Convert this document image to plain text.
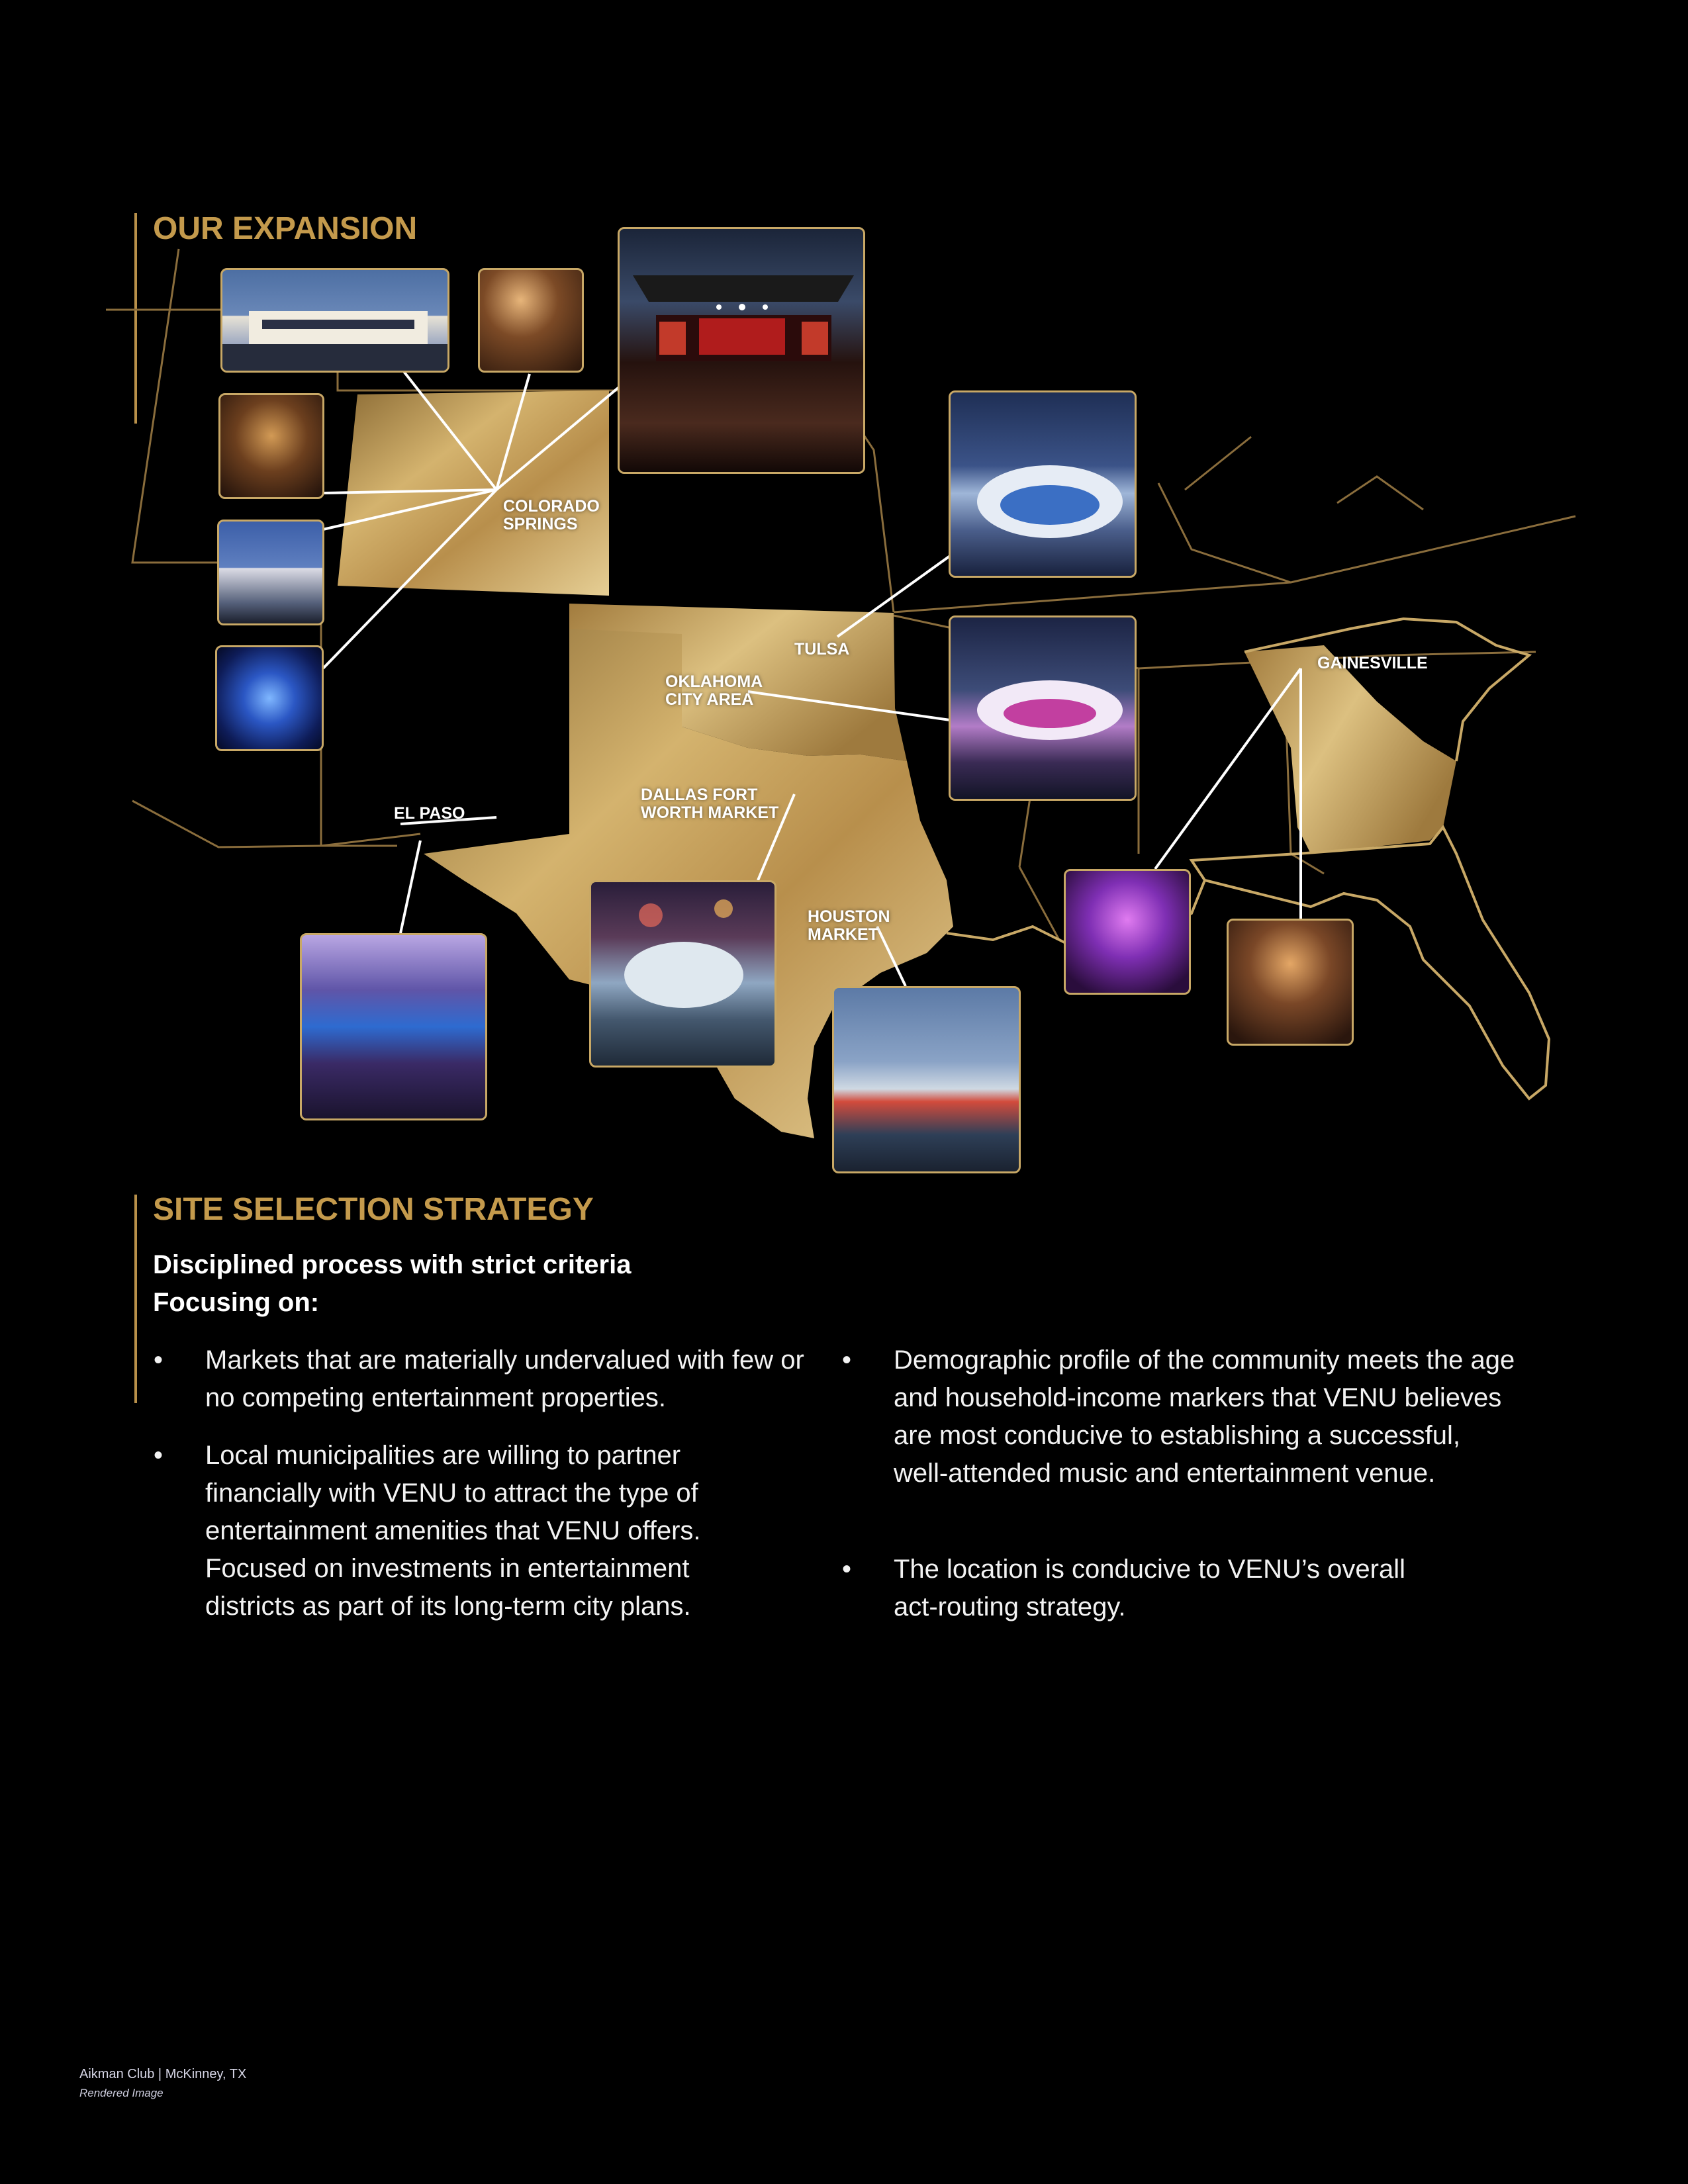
OUR EXPANSION
COLORADO
SPRINGS
TULSA
OKLAHOMA
CITY AREA
DALLAS FORT
WORTH MARKET
EL PASO
HOUSTON
MARKET
GAINESVILLE
SITE SELECTION STRATEGY
Disciplined process with strict criteria
Focusing on:
• Markets that are materially undervalued with few or no competing entertainment properties.
• Local municipalities are willing to partner financially with VENU to attract the type of entertainment amenities that VENU offers. Focused on investments in entertainment districts as part of its long-term city plans.
• Demographic profile of the community meets the age and household-income markers that VENU believes are most conducive to establishing a successful, well-attended music and entertainment venue.
• The location is conducive to VENU’s overall act-routing strategy.
AIKMAN
Aikman Club | McKinney, TX
Rendered Image
